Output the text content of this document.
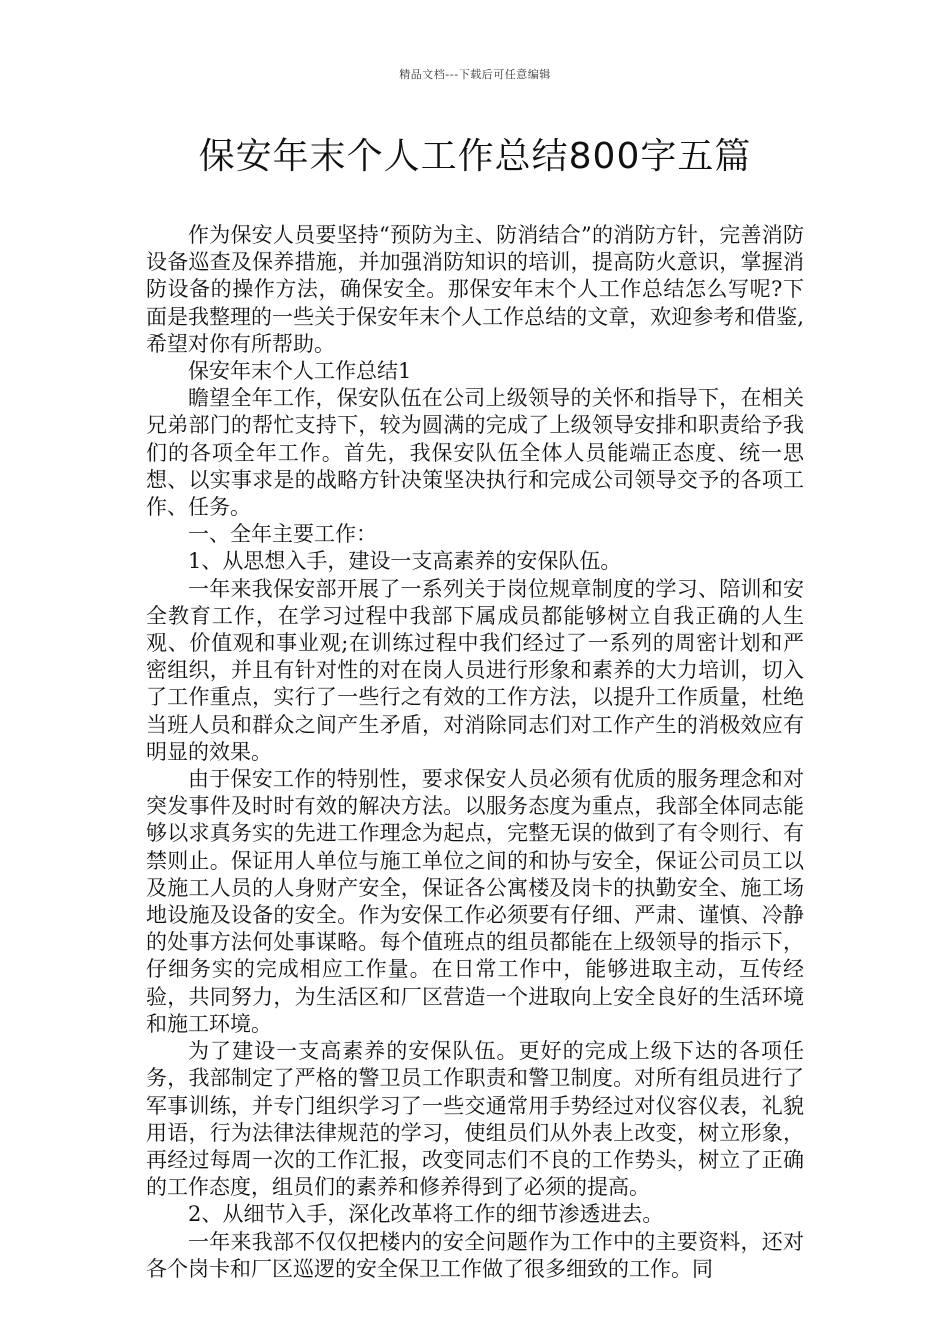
精品文档---下载后可任意编辑
保安年末个人工作总结800字五篇

作为保安人员要坚持“预防为主、防消结合”的消防方针，完善消防设备巡查及保养措施，并加强消防知识的培训，提高防火意识，掌握消防设备的操作方法，确保安全。那保安年末个人工作总结怎么写呢?下面是我整理的一些关于保安年末个人工作总结的文章，欢迎参考和借鉴,希望对你有所帮助。

保安年末个人工作总结1

瞻望全年工作，保安队伍在公司上级领导的关怀和指导下，在相关兄弟部门的帮忙支持下，较为圆满的完成了上级领导安排和职责给予我们的各项全年工作。首先，我保安队伍全体人员能端正态度、统一思想、以实事求是的战略方针决策坚决执行和完成公司领导交予的各项工作、任务。

一、全年主要工作：

1、从思想入手，建设一支高素养的安保队伍。

一年来我保安部开展了一系列关于岗位规章制度的学习、陪训和安全教育工作，在学习过程中我部下属成员都能够树立自我正确的人生观、价值观和事业观;在训练过程中我们经过了一系列的周密计划和严密组织，并且有针对性的对在岗人员进行形象和素养的大力培训，切入了工作重点，实行了一些行之有效的工作方法，以提升工作质量，杜绝当班人员和群众之间产生矛盾，对消除同志们对工作产生的消极效应有明显的效果。

由于保安工作的特别性，要求保安人员必须有优质的服务理念和对突发事件及时时有效的解决方法。以服务态度为重点，我部全体同志能够以求真务实的先进工作理念为起点，完整无误的做到了有令则行、有禁则止。保证用人单位与施工单位之间的和协与安全，保证公司员工以及施工人员的人身财产安全，保证各公寓楼及岗卡的执勤安全、施工场地设施及设备的安全。作为安保工作必须要有仔细、严肃、谨慎、冷静的处事方法何处事谋略。每个值班点的组员都能在上级领导的指示下，仔细务实的完成相应工作量。在日常工作中，能够进取主动，互传经验，共同努力，为生活区和厂区营造一个进取向上安全良好的生活环境和施工环境。

为了建设一支高素养的安保队伍。更好的完成上级下达的各项任务，我部制定了严格的警卫员工作职责和警卫制度。对所有组员进行了军事训练，并专门组织学习了一些交通常用手势经过对仪容仪表，礼貌用语，行为法律法律规范的学习，使组员们从外表上改变，树立形象，再经过每周一次的工作汇报，改变同志们不良的工作势头，树立了正确的工作态度，组员们的素养和修养得到了必须的提高。

2、从细节入手，深化改革将工作的细节渗透进去。

一年来我部不仅仅把楼内的安全问题作为工作中的主要资料，还对各个岗卡和厂区巡逻的安全保卫工作做了很多细致的工作。同
